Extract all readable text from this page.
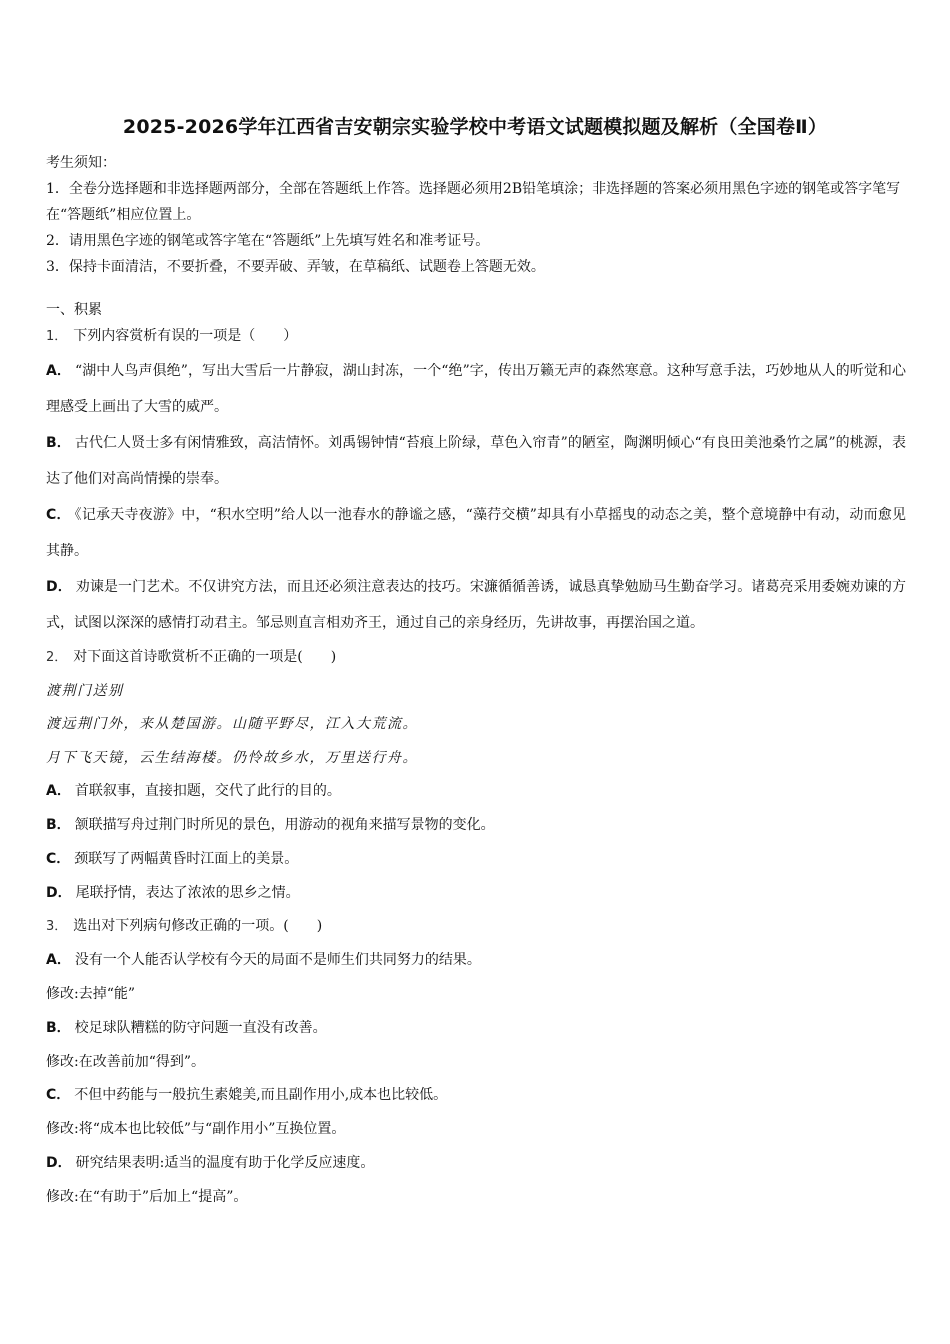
2025-2026学年江西省吉安朝宗实验学校中考语文试题模拟题及解析（全国卷Ⅱ）

考生须知：

1．全卷分选择题和非选择题两部分，全部在答题纸上作答。选择题必须用2B铅笔填涂；非选择题的答案必须用黑色字迹的钢笔或答字笔写在“答题纸”相应位置上。

2．请用黑色字迹的钢笔或答字笔在“答题纸”上先填写姓名和准考证号。

3．保持卡面清洁，不要折叠，不要弄破、弄皱，在草稿纸、试题卷上答题无效。

一、积累

1． 下列内容赏析有误的一项是（　　）

A． “湖中人鸟声俱绝”，写出大雪后一片静寂，湖山封冻，一个“绝”字，传出万籁无声的森然寒意。这种写意手法，巧妙地从人的听觉和心理感受上画出了大雪的威严。

B． 古代仁人贤士多有闲情雅致，高洁情怀。刘禹锡钟情“苔痕上阶绿，草色入帘青”的陋室，陶渊明倾心“有良田美池桑竹之属”的桃源，表达了他们对高尚情操的崇奉。

C． 《记承天寺夜游》中，“积水空明”给人以一池春水的静谧之感，“藻荇交横”却具有小草摇曳的动态之美，整个意境静中有动，动而愈见其静。

D． 劝谏是一门艺术。不仅讲究方法，而且还必须注意表达的技巧。宋濂循循善诱，诚恳真挚勉励马生勤奋学习。诸葛亮采用委婉劝谏的方式，试图以深深的感情打动君主。邹忌则直言相劝齐王，通过自己的亲身经历，先讲故事，再摆治国之道。

2． 对下面这首诗歌赏析不正确的一项是(　　)

渡荆门送别

渡远荆门外，来从楚国游。山随平野尽，江入大荒流。

月下飞天镜，云生结海楼。仍怜故乡水，万里送行舟。

A． 首联叙事，直接扣题，交代了此行的目的。

B． 颔联描写舟过荆门时所见的景色，用游动的视角来描写景物的变化。

C． 颈联写了两幅黄昏时江面上的美景。

D． 尾联抒情，表达了浓浓的思乡之情。

3． 选出对下列病句修改正确的一项。(　　)

A． 没有一个人能否认学校有今天的局面不是师生们共同努力的结果。

修改:去掉“能”

B． 校足球队糟糕的防守问题一直没有改善。

修改:在改善前加“得到”。

C． 不但中药能与一般抗生素媲美,而且副作用小,成本也比较低。

修改:将“成本也比较低”与“副作用小”互换位置。

D． 研究结果表明:适当的温度有助于化学反应速度。

修改:在“有助于”后加上“提高”。
